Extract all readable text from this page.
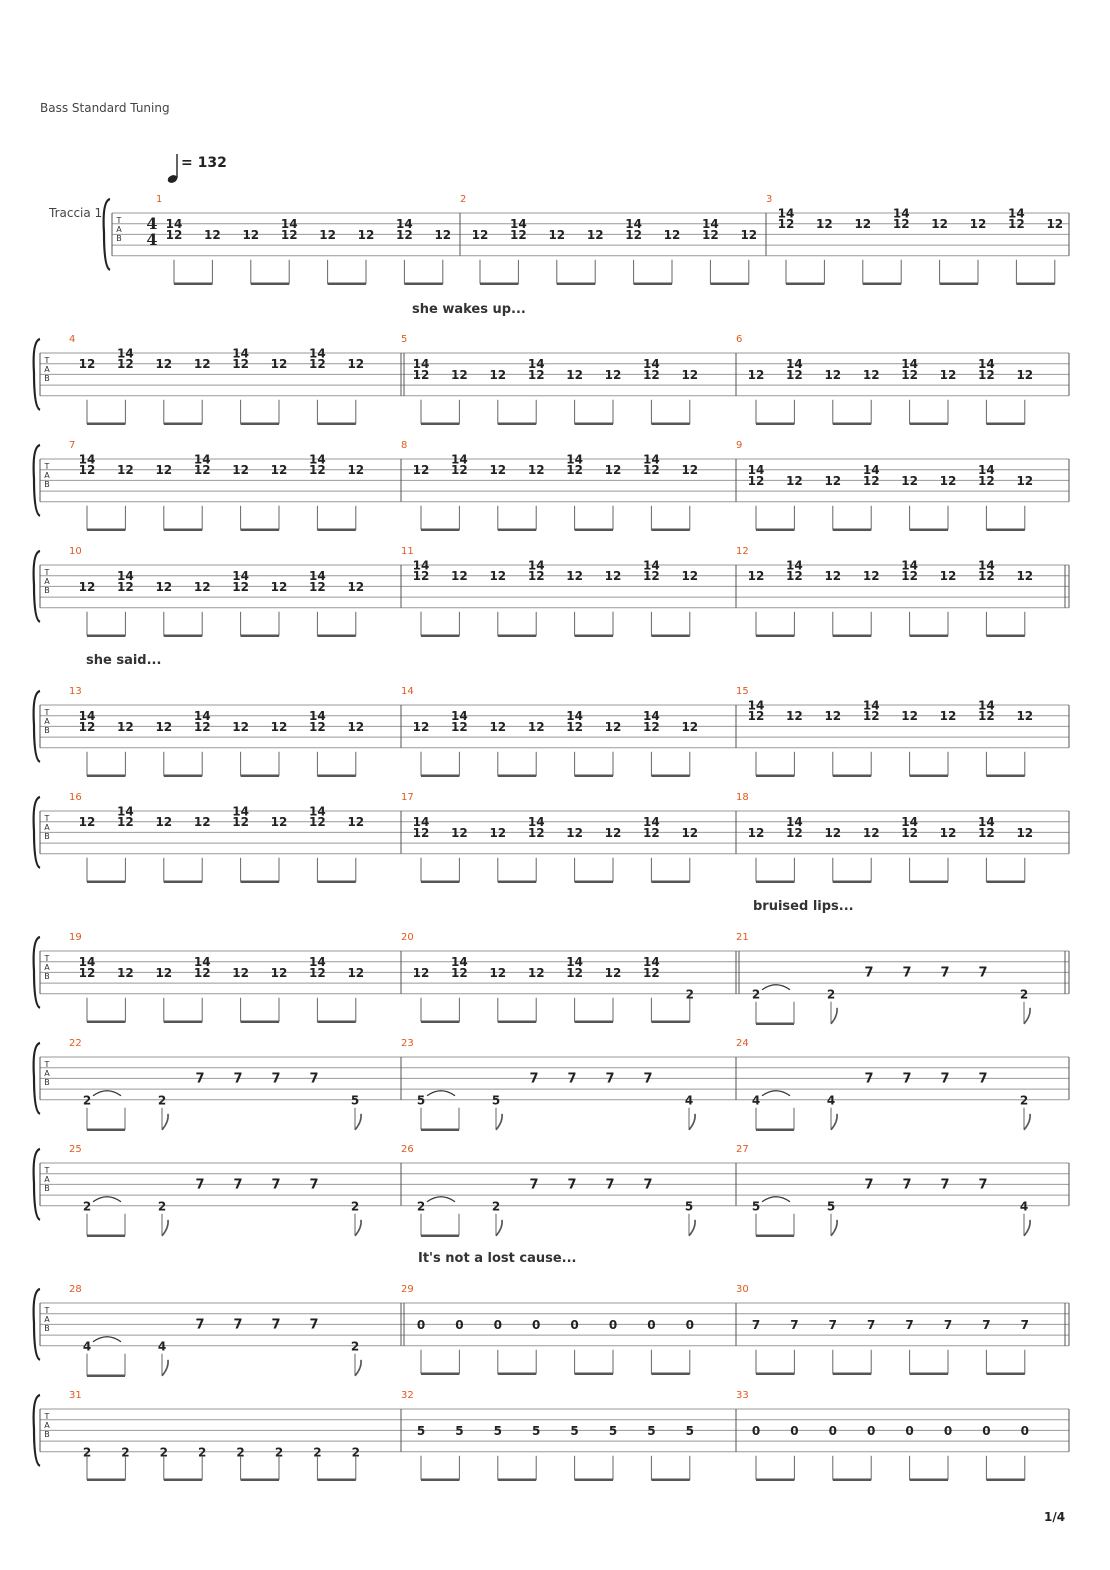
Bass Standard Tuning
= 132
T
A
B
Traccia 1
4
4
1
12
14
12 12 12
14
12 12 12
14
12
2
12 12
14
12 12 12
14
12 12
14
12
3
12
14
12 12 12
14
12 12 12
14
12
T
A
B
4
12 12
14
12 12 12
14
12 12
14
12
5
12
14
12 12 12
14
12 12 12
14
12
she wakes up...
6
12 12
14
12 12 12
14
12 12
14
12
T
A
B
7
12
14
12 12 12
14
12 12 12
14
12
8
12 12
14
12 12 12
14
12 12
14
12
9
12
14
12 12 12
14
12 12 12
14
12
T
A
B
10
12 12
14
12 12 12
14
12 12
14
12
11
12
14
12 12 12
14
12 12 12
14
12
12
12 12
14
12 12 12
14
12 12
14
12
T
A
B
13
12
14
12 12 12
14
12 12 12
14
12
she said...
14
12 12
14
12 12 12
14
12 12
14
12
15
12
14
12 12 12
14
12 12 12
14
12
T
A
B
16
12 12
14
12 12 12
14
12 12
14
12
17
12
14
12 12 12
14
12 12 12
14
12
18
12 12
14
12 12 12
14
12 12
14
12
T
A
B
19
12
14
12 12 12
14
12 12 12
14
12
20
12 12
14
12 12 12
14
12 12
14
2
21
2	2
7 7 7 7
2
bruised lips...
T
A
B
22
2	2
7 7 7 7
5
23
5	5
7 7 7 7
4
24
4	4
7 7 7 7
2
T
A
B
25
2	2
7 7 7 7
2
26
2	2
7 7 7 7
5
27
5	5
7 7 7 7
4
T
A
B
28
4	4
7 7 7 7
2
29
0	0	0	0	0	0	0	0
It's not a lost cause...
30
7	7	7	7	7	7	7	7
T
A
B
31
2	2	2	2	2	2	2	2
32
5	5	5	5	5	5	5	5
33
0	0	0	0	0	0	0	0
1/4
